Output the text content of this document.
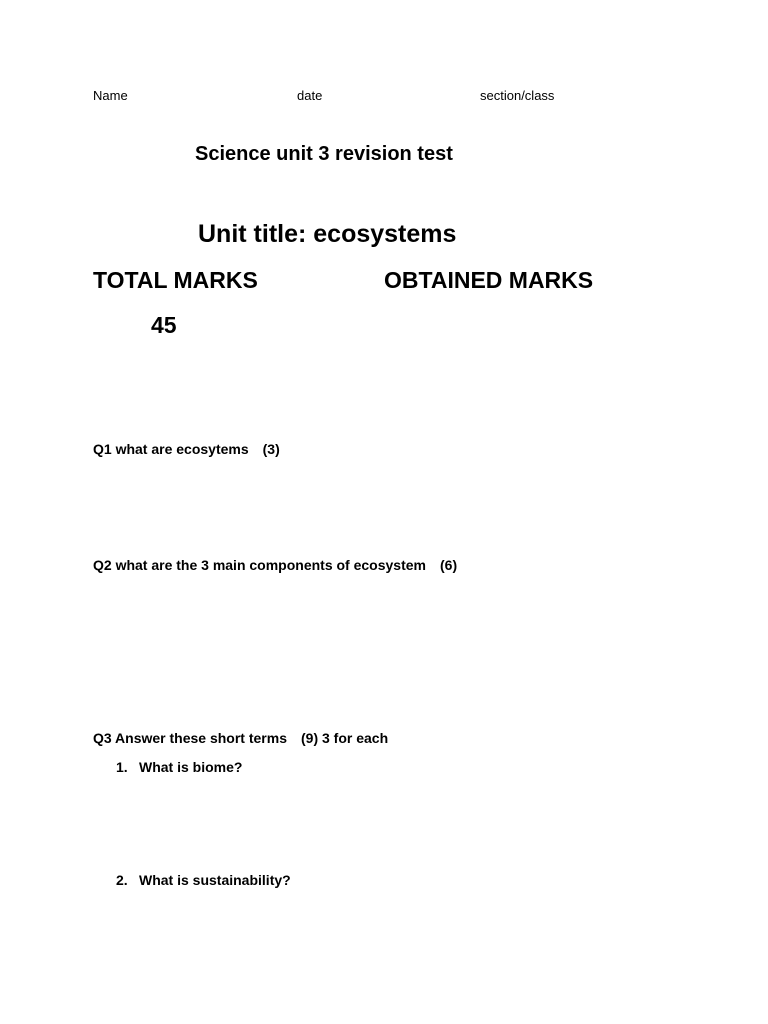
Name	date	section/class
Science unit 3 revision test
Unit title: ecosystems
TOTAL MARKS	OBTAINED MARKS
45
Q1 what are ecosytems (3)
Q2 what are the 3 main components of ecosystem (6)
Q3 Answer these short terms (9) 3 for each
1. What is biome?
2. What is sustainability?
